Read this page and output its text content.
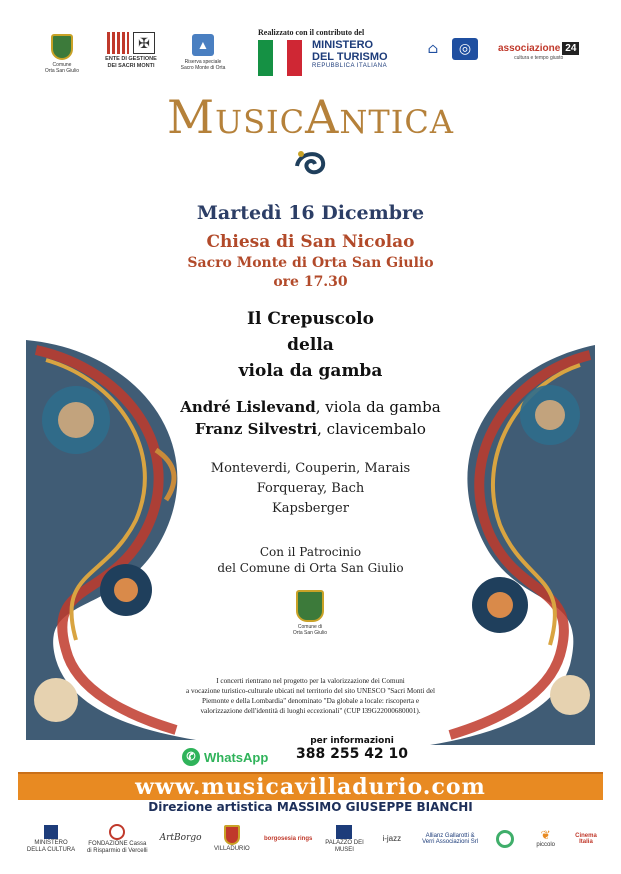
Comune
Orta San Giulio
✠
ENTE DI GESTIONE
DEI SACRI MONTI
▲
Riserva speciale
Sacro Monte di Orta
Realizzato con il contributo del
MINISTERO
DEL TURISMO
REPUBBLICA ITALIANA
⌂	◎	associazione 24
cultura e tempo giusto
MusicAntica
Martedì 16 Dicembre
Chiesa di San Nicolao
Sacro Monte di Orta San Giulio
ore 17.30
Il Crepuscolo
della
viola da gamba
André Lislevand, viola da gamba
Franz Silvestri, clavicembalo
Monteverdi, Couperin, Marais
Forqueray, Bach
Kapsberger
Con il Patrocinio
del Comune di Orta San Giulio
Comune di
Orta San Giulio
I concerti rientrano nel progetto per la valorizzazione dei Comuni
a vocazione turistico-culturale ubicati nel territorio del sito UNESCO "Sacri Monti del
Piemonte e della Lombardia" denominato "Da globale a locale: riscoperta e
valorizzazione dell'identità di luoghi eccezionali" (CUP I39G22000680001).
✆ WhatsApp
per informazioni
388 255 42 10
www.musicavilladurio.com
Direzione artistica MASSIMO GIUSEPPE BIANCHI
MINISTERO DELLA CULTURA
FONDAZIONE Cassa di Risparmio di Vercelli
ArtBorgo
VILLADURIO
borgosesia rings
PALAZZO DEI MUSEI
i-jazz	Allianz Gallarotti & Verri Associazioni Srl	❦
piccolo
Cinema Italia
